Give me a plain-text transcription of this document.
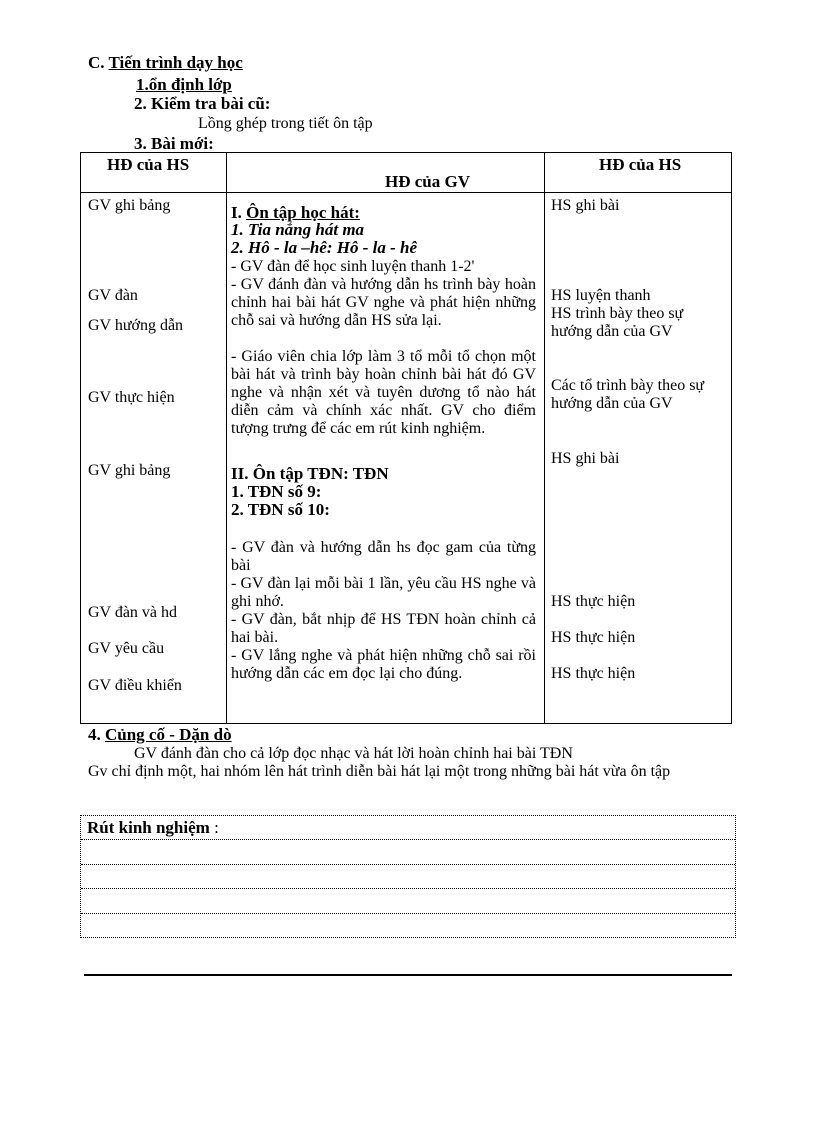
C. Tiến trình dạy học
1.ổn định lớp
2. Kiểm tra bài cũ:
Lồng ghép trong tiết ôn tập
3. Bài mới:
HĐ của HS
HĐ của GV
HĐ của HS
GV ghi bảng
GV đàn
GV hướng dẫn
GV thực hiện
GV ghi bảng
GV đàn và hd
GV yêu cầu
GV điều khiển
I. Ôn tập học hát:
1. Tia nắng hát ma
2. Hô - la –hê: Hô - la - hê
- GV đàn để học sinh luyện thanh 1-2'
- GV đánh đàn và hướng dẫn hs trình bày hoàn chỉnh hai bài hát GV nghe và phát hiện những chỗ sai và hướng dẫn HS sửa lại.
- Giáo viên chia lớp làm 3 tổ mỗi tổ chọn một bài hát và trình bày hoàn chỉnh bài hát đó GV nghe và nhận xét và tuyên dương tổ nào hát diễn cảm và chính xác nhất. GV cho điểm tượng trưng để các em rút kinh nghiệm.
II. Ôn tập TĐN: TĐN
1. TĐN số 9:
2. TĐN số 10:
- GV đàn và hướng dẫn hs đọc gam của từng bài
- GV đàn lại mỗi bài 1 lần, yêu cầu HS nghe và ghi nhớ.
- GV đàn, bắt nhịp để HS TĐN hoàn chỉnh cả hai bài.
- GV lắng nghe và phát hiện những chỗ sai rồi hướng dẫn các em đọc lại cho đúng.
HS ghi bài
HS luyện thanh
HS trình bày theo sự hướng dẫn của GV
Các tổ trình bày theo sự hướng dẫn của GV
HS ghi bài
HS thực hiện
HS thực hiện
HS thực hiện
4. Củng cố - Dặn dò
GV đánh đàn cho cả lớp đọc nhạc và hát lời hoàn chỉnh hai bài TĐN
Gv chỉ định một, hai nhóm lên hát trình diễn bài hát lại một trong những bài hát vừa ôn tập
Rút kinh nghiệm :
